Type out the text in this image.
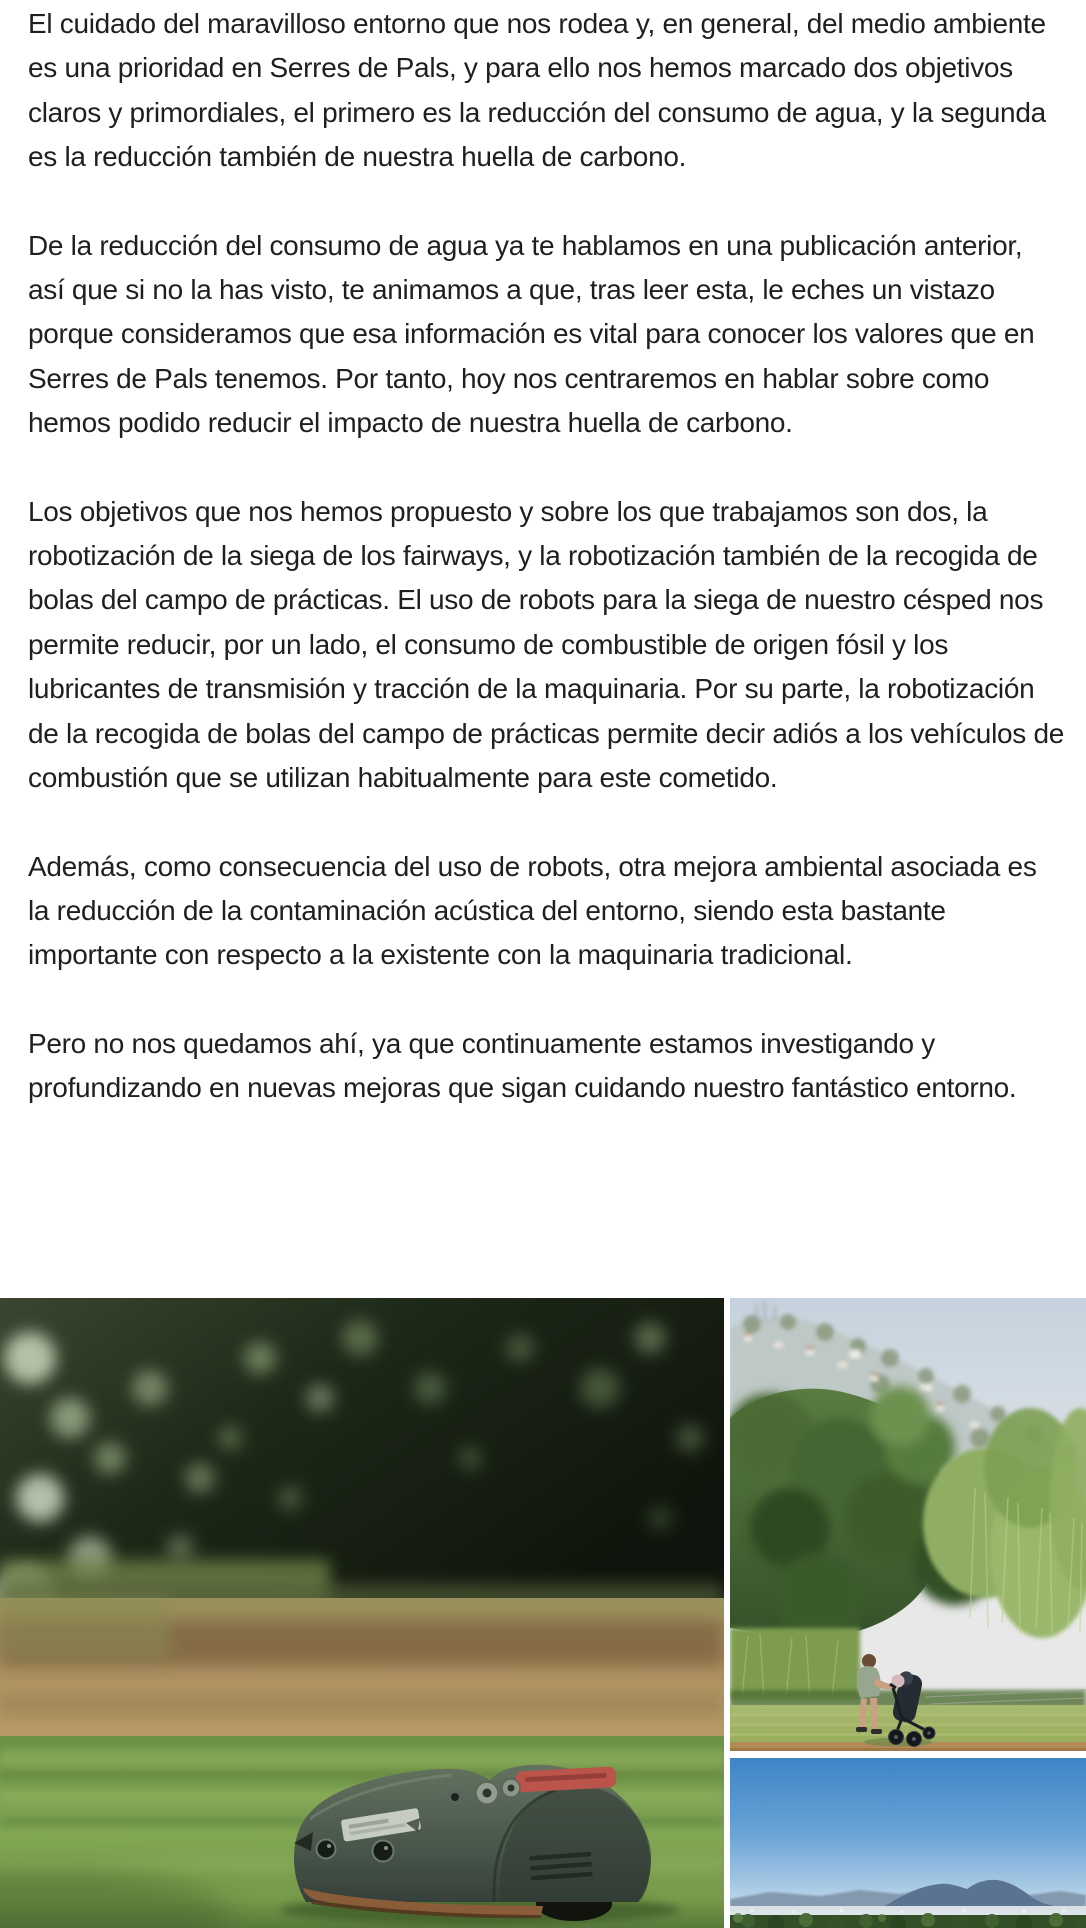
El cuidado del maravilloso entorno que nos rodea y, en general, del medio ambiente es una prioridad en Serres de Pals, y para ello nos hemos marcado dos objetivos claros y primordiales, el primero es la reducción del consumo de agua, y la segunda es la reducción también de nuestra huella de carbono.

De la reducción del consumo de agua ya te hablamos en una publicación anterior, así que si no la has visto, te animamos a que, tras leer esta, le eches un vistazo porque consideramos que esa información es vital para conocer los valores que en Serres de Pals tenemos. Por tanto, hoy nos centraremos en hablar sobre como hemos podido reducir el impacto de nuestra huella de carbono.

Los objetivos que nos hemos propuesto y sobre los que trabajamos son dos, la robotización de la siega de los fairways, y la robotización también de la recogida de bolas del campo de prácticas. El uso de robots para la siega de nuestro césped nos permite reducir, por un lado, el consumo de combustible de origen fósil y los lubricantes de transmisión y tracción de la maquinaria. Por su parte, la robotización de la recogida de bolas del campo de prácticas permite decir adiós a los vehículos de combustión que se utilizan habitualmente para este cometido.

Además, como consecuencia del uso de robots, otra mejora ambiental asociada es la reducción de la contaminación acústica del entorno, siendo esta bastante importante con respecto a la existente con la maquinaria tradicional.

Pero no nos quedamos ahí, ya que continuamente estamos investigando y profundizando en nuevas mejoras que sigan cuidando nuestro fantástico entorno.
